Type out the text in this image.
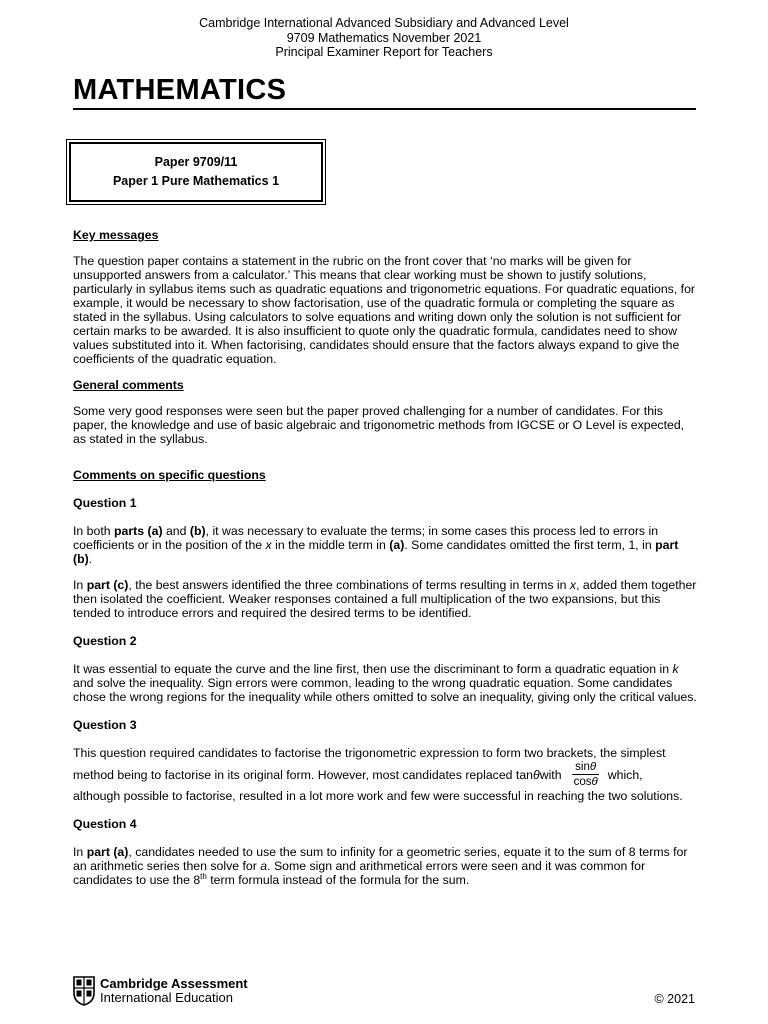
Cambridge International Advanced Subsidiary and Advanced Level
9709 Mathematics November 2021
Principal Examiner Report for Teachers
MATHEMATICS
Paper 9709/11
Paper 1 Pure Mathematics 1

Key messages

The question paper contains a statement in the rubric on the front cover that ‘no marks will be given for unsupported answers from a calculator.’ This means that clear working must be shown to justify solutions, particularly in syllabus items such as quadratic equations and trigonometric equations. For quadratic equations, for example, it would be necessary to show factorisation, use of the quadratic formula or completing the square as stated in the syllabus. Using calculators to solve equations and writing down only the solution is not sufficient for certain marks to be awarded. It is also insufficient to quote only the quadratic formula, candidates need to show values substituted into it. When factorising, candidates should ensure that the factors always expand to give the coefficients of the quadratic equation.

General comments

Some very good responses were seen but the paper proved challenging for a number of candidates. For this paper, the knowledge and use of basic algebraic and trigonometric methods from IGCSE or O Level is expected, as stated in the syllabus.

Comments on specific questions

Question 1

In both parts (a) and (b), it was necessary to evaluate the terms; in some cases this process led to errors in coefficients or in the position of the x in the middle term in (a). Some candidates omitted the first term, 1, in part (b).

In part (c), the best answers identified the three combinations of terms resulting in terms in x, added them together then isolated the coefficient. Weaker responses contained a full multiplication of the two expansions, but this tended to introduce errors and required the desired terms to be identified.

Question 2

It was essential to equate the curve and the line first, then use the discriminant to form a quadratic equation in k and solve the inequality. Sign errors were common, leading to the wrong quadratic equation. Some candidates chose the wrong regions for the inequality while others omitted to solve an inequality, giving only the critical values.

Question 3

This question required candidates to factorise the trigonometric expression to form two brackets, the simplest

method being to factorise in its original form. However, most candidates replaced tan θ with $\frac{\sin\theta}{\cos\theta}$ which,

although possible to factorise, resulted in a lot more work and few were successful in reaching the two solutions.

Question 4

In part (a), candidates needed to use the sum to infinity for a geometric series, equate it to the sum of 8 terms for an arithmetic series then solve for a. Some sign and arithmetical errors were seen and it was common for candidates to use the 8th term formula instead of the formula for the sum.

Cambridge Assessment
International Education	© 2021
